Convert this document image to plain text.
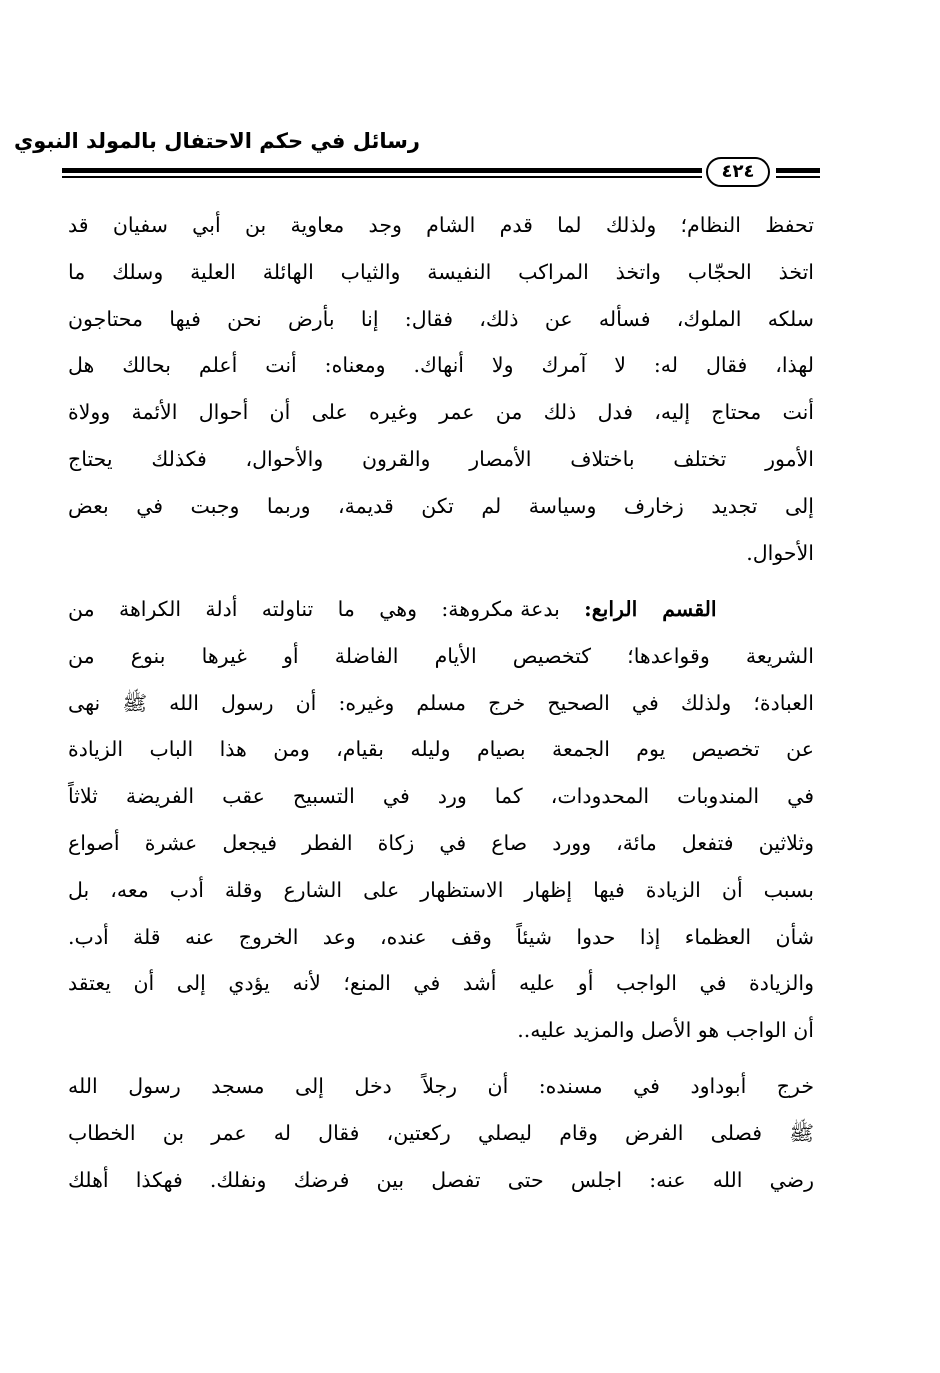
رسائل في حكم الاحتفال بالمولد النبوي
٤٢٤
تحفظ النظام؛ ولذلك لما قدم الشام وجد معاوية بن أبي سفيان قد
اتخذ الحجّاب واتخذ المراكب النفيسة والثياب الهائلة العلية وسلك ما
سلكه الملوك، فسأله عن ذلك، فقال: إنا بأرض نحن فيها محتاجون
لهذا، فقال له: لا آمرك ولا أنهاك. ومعناه: أنت أعلم بحالك هل
أنت محتاج إليه، فدل ذلك من عمر وغيره على أن أحوال الأئمة وولاة
الأمور تختلف باختلاف الأمصار والقرون والأحوال، فكذلك يحتاج
إلى تجديد زخارف وسياسة لم تكن قديمة، وربما وجبت في بعض
الأحوال.
القسم الرابع: بدعة مكروهة: وهي ما تناولته أدلة الكراهة من
الشريعة وقواعدها؛ كتخصيص الأيام الفاضلة أو غيرها بنوع من
العبادة؛ ولذلك في الصحيح خرج مسلم وغيره: أن رسول الله ﷺ نهى
عن تخصيص يوم الجمعة بصيام وليله بقيام، ومن هذا الباب الزيادة
في المندوبات المحدودات، كما ورد في التسبيح عقب الفريضة ثلاثاً
وثلاثين فتفعل مائة، وورد صاع في زكاة الفطر فيجعل عشرة أصواع
بسبب أن الزيادة فيها إظهار الاستظهار على الشارع وقلة أدب معه، بل
شأن العظماء إذا حدوا شيئاً وقف عنده، وعد الخروج عنه قلة أدب.
والزيادة في الواجب أو عليه أشد في المنع؛ لأنه يؤدي إلى أن يعتقد
أن الواجب هو الأصل والمزيد عليه..
خرج أبوداود في مسنده: أن رجلاً دخل إلى مسجد رسول الله
ﷺ فصلى الفرض وقام ليصلي ركعتين، فقال له عمر بن الخطاب
رضي الله عنه: اجلس حتى تفصل بين فرضك ونفلك. فهكذا أهلك
